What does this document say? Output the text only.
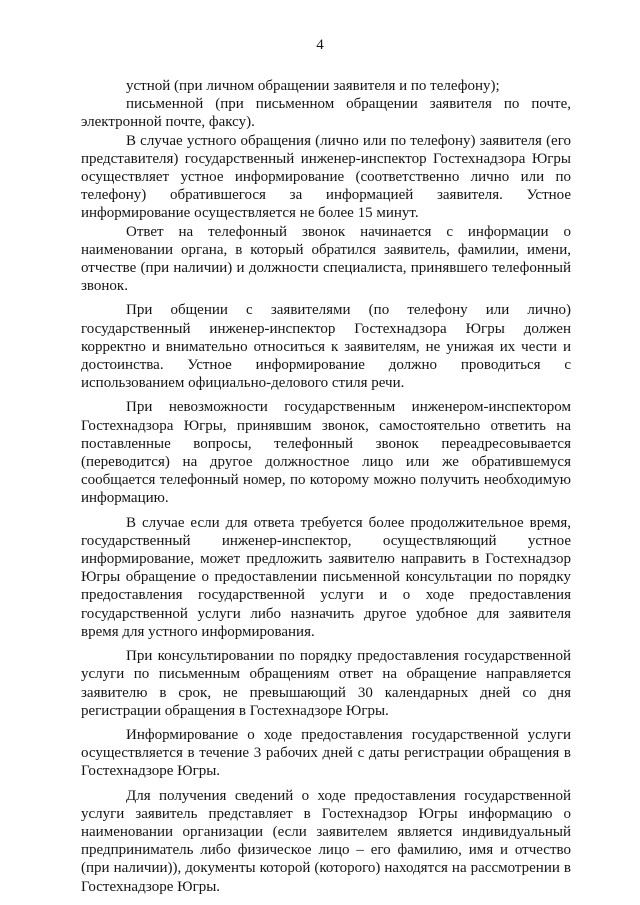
4

устной (при личном обращении заявителя и по телефону);

письменной (при письменном обращении заявителя по почте, электронной почте, факсу).

В случае устного обращения (лично или по телефону) заявителя (его представителя) государственный инженер-инспектор Гостехнадзора Югры осуществляет устное информирование (соответственно лично или по телефону) обратившегося за информацией заявителя. Устное информирование осуществляется не более 15 минут.

Ответ на телефонный звонок начинается с информации о наименовании органа, в который обратился заявитель, фамилии, имени, отчестве (при наличии) и должности специалиста, принявшего телефонный звонок.

При общении с заявителями (по телефону или лично) государственный инженер-инспектор Гостехнадзора Югры должен корректно и внимательно относиться к заявителям, не унижая их чести и достоинства. Устное информирование должно проводиться с использованием официально-делового стиля речи.

При невозможности государственным инженером-инспектором Гостехнадзора Югры, принявшим звонок, самостоятельно ответить на поставленные вопросы, телефонный звонок переадресовывается (переводится) на другое должностное лицо или же обратившемуся сообщается телефонный номер, по которому можно получить необходимую информацию.

В случае если для ответа требуется более продолжительное время, государственный инженер-инспектор, осуществляющий устное информирование, может предложить заявителю направить в Гостехнадзор Югры обращение о предоставлении письменной консультации по порядку предоставления государственной услуги и о ходе предоставления государственной услуги либо назначить другое удобное для заявителя время для устного информирования.

При консультировании по порядку предоставления государственной услуги по письменным обращениям ответ на обращение направляется заявителю в срок, не превышающий 30 календарных дней со дня регистрации обращения в Гостехнадзоре Югры.

Информирование о ходе предоставления государственной услуги осуществляется в течение 3 рабочих дней с даты регистрации обращения в Гостехнадзоре Югры.

Для получения сведений о ходе предоставления государственной услуги заявитель представляет в Гостехнадзор Югры информацию о наименовании организации (если заявителем является индивидуальный предприниматель либо физическое лицо – его фамилию, имя и отчество (при наличии)), документы которой (которого) находятся на рассмотрении в Гостехнадзоре Югры.
